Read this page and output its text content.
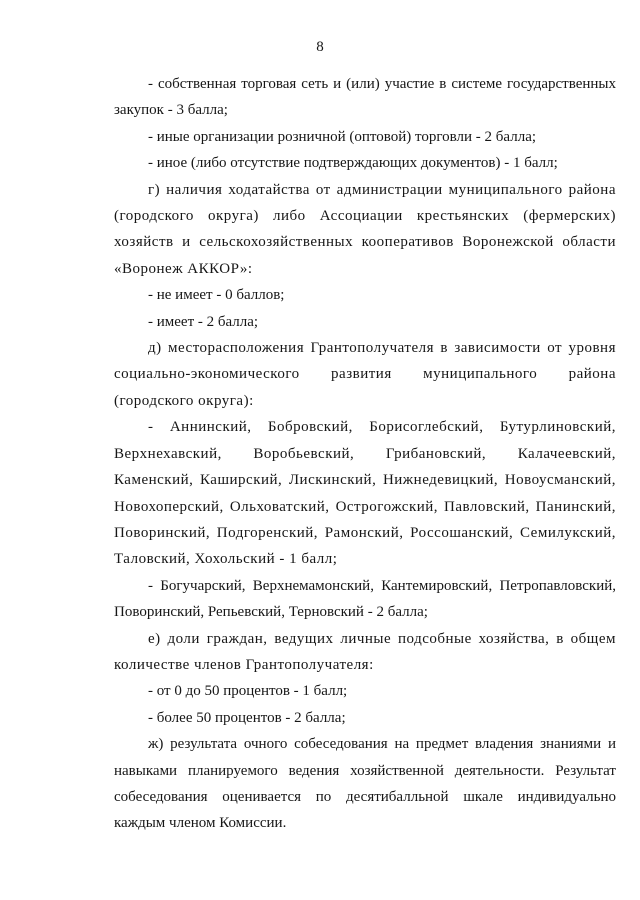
8

- собственная торговая сеть и (или) участие в системе государственных закупок - 3 балла;

- иные организации розничной (оптовой) торговли - 2 балла;

- иное (либо отсутствие подтверждающих документов) - 1 балл;

г) наличия ходатайства от администрации муниципального района (городского округа) либо Ассоциации крестьянских (фермерских) хозяйств и сельскохозяйственных кооперативов Воронежской области «Воронеж АККОР»:

- не имеет - 0 баллов;

- имеет - 2 балла;

д) месторасположения Грантополучателя в зависимости от уровня социально-экономического развития муниципального района (городского округа):

- Аннинский, Бобровский, Борисоглебский, Бутурлиновский, Верхнехавский, Воробьевский, Грибановский, Калачеевский, Каменский, Каширский, Лискинский, Нижнедевицкий, Новоусманский, Новохоперский, Ольховатский, Острогожский, Павловский, Панинский, Поворинский, Подгоренский, Рамонский, Россошанский, Семилукский, Таловский, Хохольский - 1 балл;

- Богучарский, Верхнемамонский, Кантемировский, Петропавловский, Поворинский, Репьевский, Терновский - 2 балла;

е) доли граждан, ведущих личные подсобные хозяйства, в общем количестве членов Грантополучателя:

- от 0 до 50 процентов - 1 балл;

- более 50 процентов - 2 балла;

ж) результата очного собеседования на предмет владения знаниями и навыками планируемого ведения хозяйственной деятельности. Результат собеседования оценивается по десятибалльной шкале индивидуально каждым членом Комиссии.
